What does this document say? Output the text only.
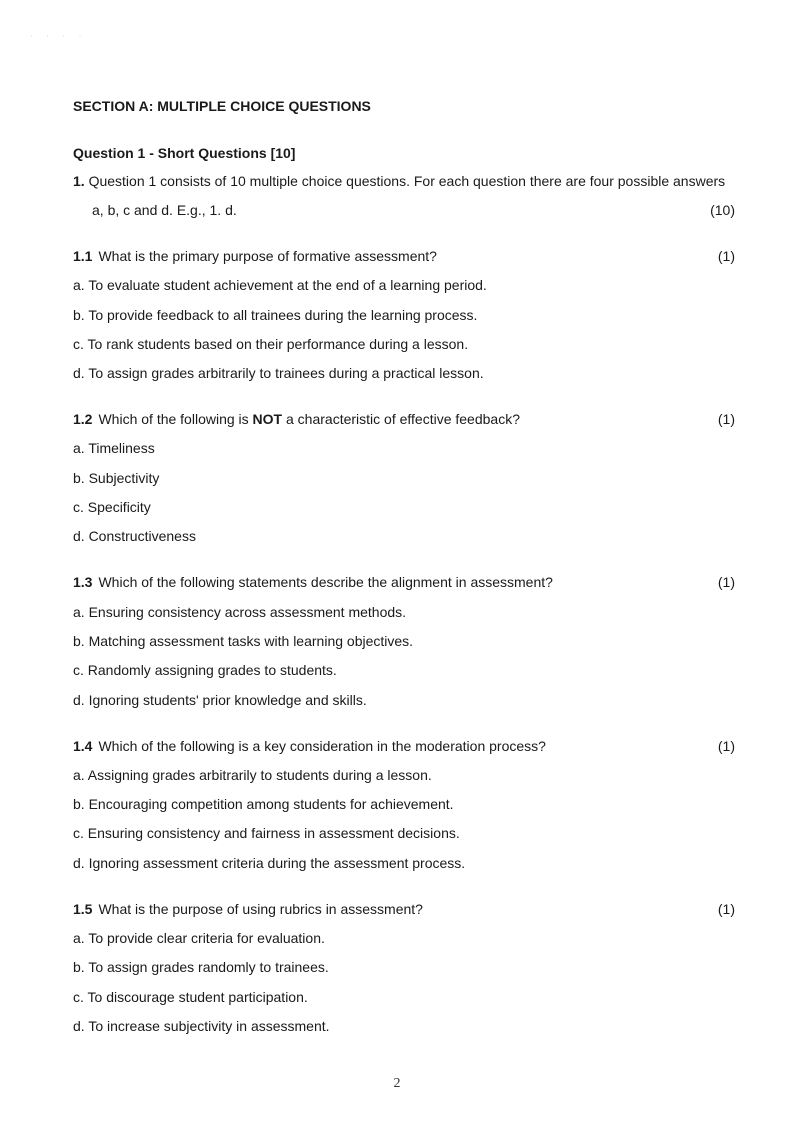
· · · ·
SECTION A: MULTIPLE CHOICE QUESTIONS
Question 1 - Short Questions [10]
1. Question 1 consists of 10 multiple choice questions. For each question there are four possible answers
a, b, c and d. E.g., 1. d.	(10)
1.1 What is the primary purpose of formative assessment?	(1)
a. To evaluate student achievement at the end of a learning period.
b. To provide feedback to all trainees during the learning process.
c. To rank students based on their performance during a lesson.
d. To assign grades arbitrarily to trainees during a practical lesson.
1.2 Which of the following is NOT a characteristic of effective feedback?	(1)
a. Timeliness
b. Subjectivity
c. Specificity
d. Constructiveness
1.3 Which of the following statements describe the alignment in assessment?	(1)
a. Ensuring consistency across assessment methods.
b. Matching assessment tasks with learning objectives.
c. Randomly assigning grades to students.
d. Ignoring students' prior knowledge and skills.
1.4 Which of the following is a key consideration in the moderation process?	(1)
a. Assigning grades arbitrarily to students during a lesson.
b. Encouraging competition among students for achievement.
c. Ensuring consistency and fairness in assessment decisions.
d. Ignoring assessment criteria during the assessment process.
1.5 What is the purpose of using rubrics in assessment?	(1)
a. To provide clear criteria for evaluation.
b. To assign grades randomly to trainees.
c. To discourage student participation.
d. To increase subjectivity in assessment.
2
